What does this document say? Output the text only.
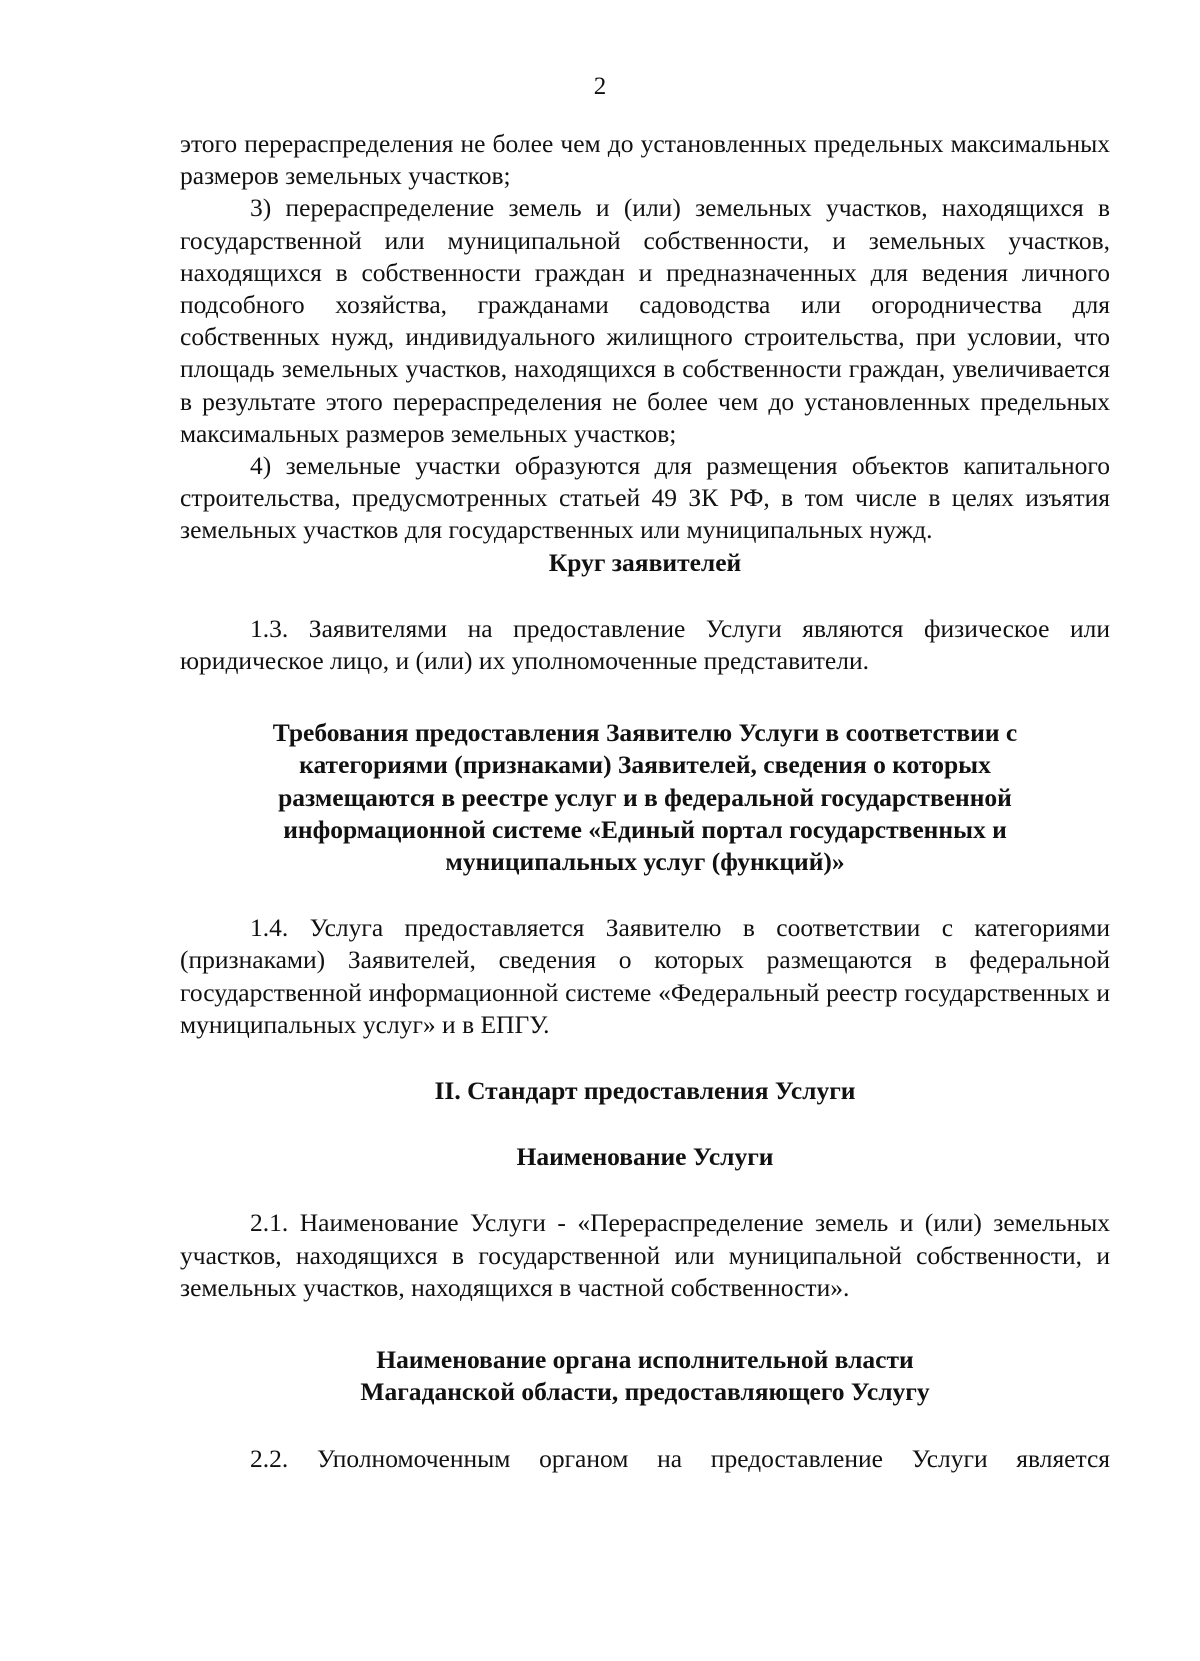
2

этого перераспределения не более чем до установленных предельных максимальных размеров земельных участков;

3) перераспределение земель и (или) земельных участков, находящихся в государственной или муниципальной собственности, и земельных участков, находящихся в собственности граждан и предназначенных для ведения личного подсобного хозяйства, гражданами садоводства или огородничества для собственных нужд, индивидуального жилищного строительства, при условии, что площадь земельных участков, находящихся в собственности граждан, увеличивается в результате этого перераспределения не более чем до установленных предельных максимальных размеров земельных участков;

4) земельные участки образуются для размещения объектов капитального строительства, предусмотренных статьей 49 ЗК РФ, в том числе в целях изъятия земельных участков для государственных или муниципальных нужд.

Круг заявителей

1.3. Заявителями на предоставление Услуги являются физическое или юридическое лицо, и (или) их уполномоченные представители.

Требования предоставления Заявителю Услуги в соответствии с категориями (признаками) Заявителей, сведения о которых размещаются в реестре услуг и в федеральной государственной информационной системе «Единый портал государственных и муниципальных услуг (функций)»

1.4. Услуга предоставляется Заявителю в соответствии с категориями (признаками) Заявителей, сведения о которых размещаются в федеральной государственной информационной системе «Федеральный реестр государственных и муниципальных услуг» и в ЕПГУ.

II. Стандарт предоставления Услуги
Наименование Услуги

2.1. Наименование Услуги - «Перераспределение земель и (или) земельных участков, находящихся в государственной или муниципальной собственности, и земельных участков, находящихся в частной собственности».

Наименование органа исполнительной власти Магаданской области, предоставляющего Услугу

2.2. Уполномоченным органом на предоставление Услуги является
